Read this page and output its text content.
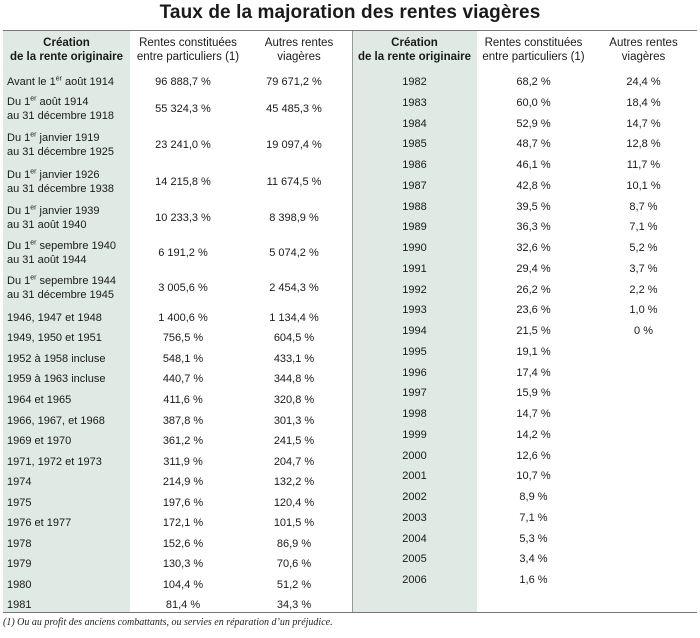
Taux de la majoration des rentes viagères
Création
de la rente originaire
Rentes constituées
entre particuliers (1)
Autres rentes
viagères
Création
de la rente originaire
Rentes constituées
entre particuliers (1)
Autres rentes
viagères
Avant le 1er août 1914	96 888,7 %	79 671,2 %
Du 1er août 1914
au 31 décembre 1918
55 324,3 %	45 485,3 %
Du 1er janvier 1919
au 31 décembre 1925
23 241,0 %	19 097,4 %
Du 1er janvier 1926
au 31 décembre 1938
14 215,8 %	11 674,5 %
Du 1er janvier 1939
au 31 août 1940
10 233,3 %	8 398,9 %
Du 1er sepembre 1940
au 31 août 1944
6 191,2 %	5 074,2 %
Du 1er sepembre 1944
au 31 décembre 1945
3 005,6 %	2 454,3 %
1946, 1947 et 1948	1 400,6 %	1 134,4 %
1949, 1950 et 1951	756,5 %	604,5 %
1952 à 1958 incluse	548,1 %	433,1 %
1959 à 1963 incluse	440,7 %	344,8 %
1964 et 1965	411,6 %	320,8 %
1966, 1967, et 1968	387,8 %	301,3 %
1969 et 1970	361,2 %	241,5 %
1971, 1972 et 1973	311,9 %	204,7 %
1974	214,9 %	132,2 %
1975	197,6 %	120,4 %
1976 et 1977	172,1 %	101,5 %
1978	152,6 %	86,9 %
1979	130,3 %	70,6 %
1980	104,4 %	51,2 %
1981	81,4 %	34,3 %
1982	68,2 %	24,4 %
1983	60,0 %	18,4 %
1984	52,9 %	14,7 %
1985	48,7 %	12,8 %
1986	46,1 %	11,7 %
1987	42,8 %	10,1 %
1988	39,5 %	8,7 %
1989	36,3 %	7,1 %
1990	32,6 %	5,2 %
1991	29,4 %	3,7 %
1992	26,2 %	2,2 %
1993	23,6 %	1,0 %
1994	21,5 %	0 %
1995	19,1 %
1996	17,4 %
1997	15,9 %
1998	14,7 %
1999	14,2 %
2000	12,6 %
2001	10,7 %
2002	8,9 %
2003	7,1 %
2004	5,3 %
2005	3,4 %
2006	1,6 %
(1) Ou au profit des anciens combattants, ou servies en réparation d’un préjudice.
